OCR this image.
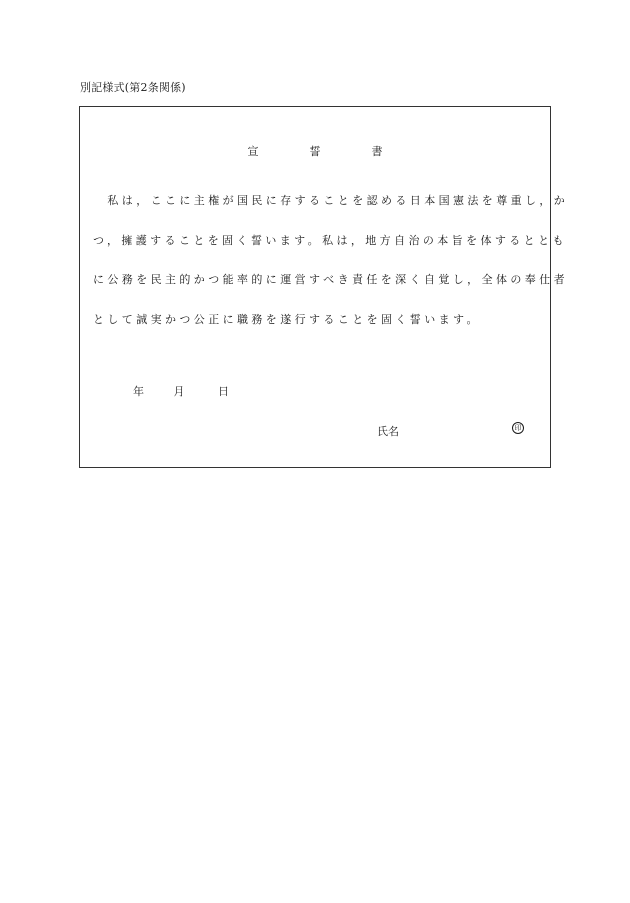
別記様式(第2条関係)
宣	誓	書
　私は，ここに主権が国民に存することを認める日本国憲法を尊重し，か
つ，擁護することを固く誓います。私は，地方自治の本旨を体するととも
に公務を民主的かつ能率的に運営すべき責任を深く自覚し，全体の奉仕者
として誠実かつ公正に職務を遂行することを固く誓います。
年	月	日
氏名	印
